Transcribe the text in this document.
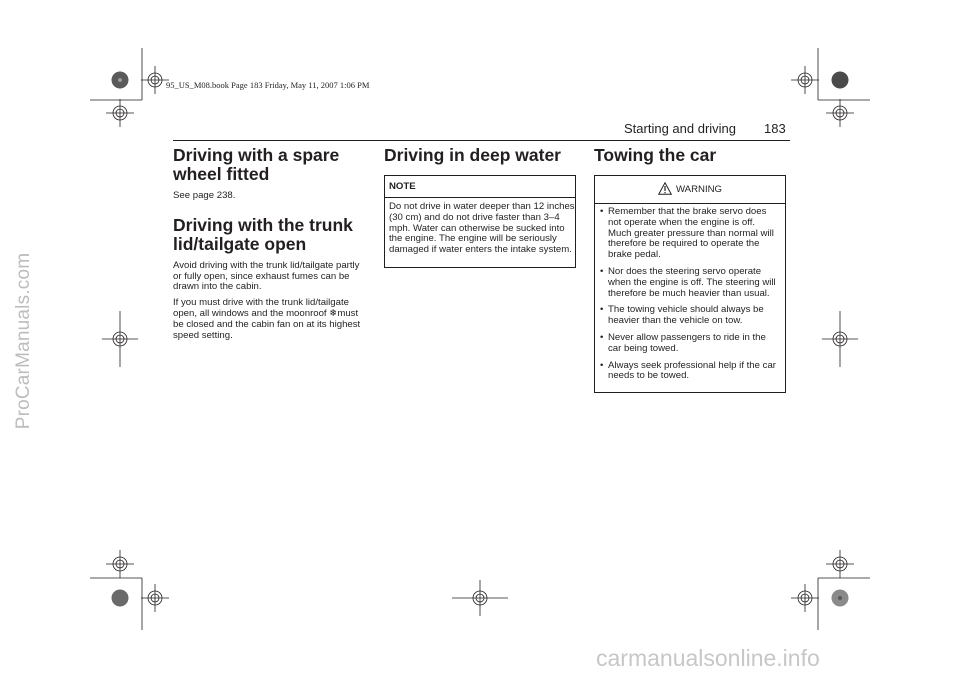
95_US_M08.book Page 183 Friday, May 11, 2007 1:06 PM
ProCarManuals.com
carmanualsonline.info
Starting and driving 183
Driving with a spare wheel fitted

See page 238.

Driving with the trunk lid/tailgate open

Avoid driving with the trunk lid/tailgate partly or fully open, since exhaust fumes can be drawn into the cabin.

If you must drive with the trunk lid/tailgate open, all windows and the moonroof ❄must be closed and the cabin fan on at its highest speed setting.

Driving in deep water
NOTE
Do not drive in water deeper than 12 inches (30 cm) and do not drive faster than 3–4 mph. Water can otherwise be sucked into the engine. The engine will be seriously damaged if water enters the intake system.
Towing the car
WARNING
• Remember that the brake servo does not operate when the engine is off. Much greater pressure than normal will therefore be required to operate the brake pedal.
• Nor does the steering servo operate when the engine is off. The steering will therefore be much heavier than usual.
• The towing vehicle should always be heavier than the vehicle on tow.
• Never allow passengers to ride in the car being towed.
• Always seek professional help if the car needs to be towed.
